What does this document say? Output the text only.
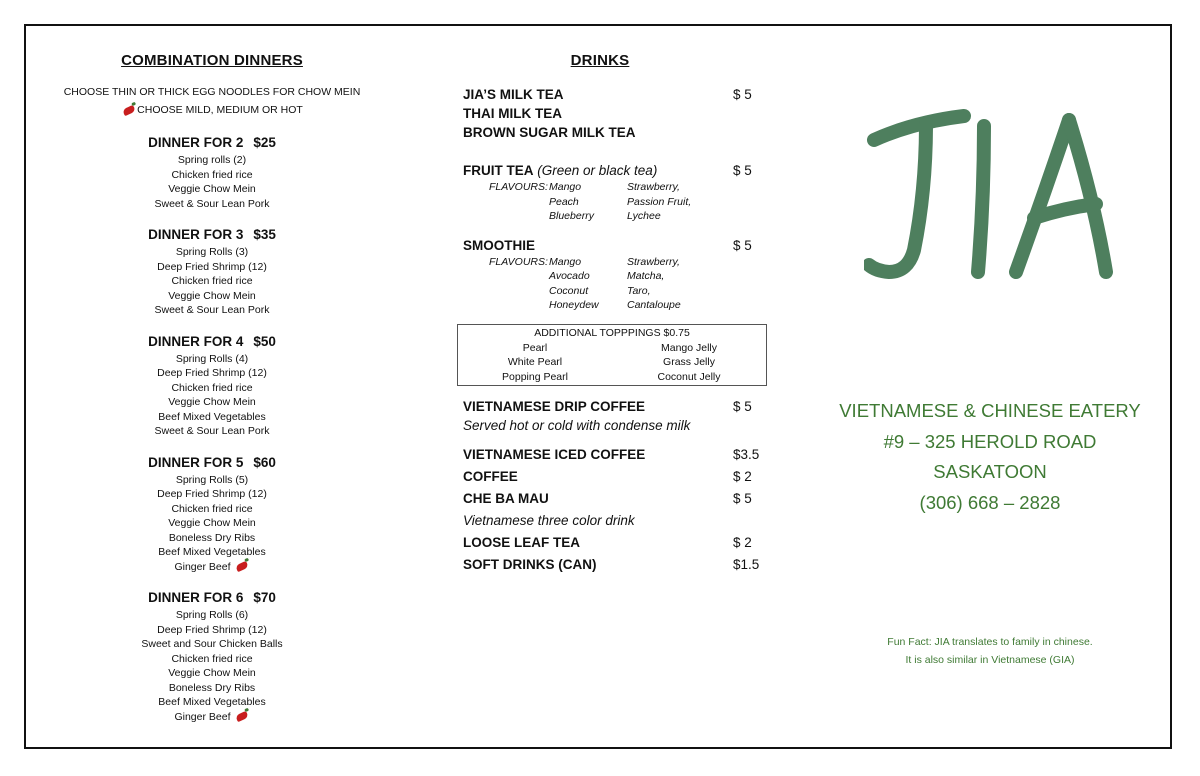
COMBINATION DINNERS
CHOOSE THIN OR THICK EGG NOODLES FOR CHOW MEIN
CHOOSE MILD, MEDIUM OR HOT
DINNER FOR 2 $25
Spring rolls (2)
Chicken fried rice
Veggie Chow Mein
Sweet & Sour Lean Pork
DINNER FOR 3 $35
Spring Rolls (3)
Deep Fried Shrimp (12)
Chicken fried rice
Veggie Chow Mein
Sweet & Sour Lean Pork
DINNER FOR 4 $50
Spring Rolls (4)
Deep Fried Shrimp (12)
Chicken fried rice
Veggie Chow Mein
Beef Mixed Vegetables
Sweet & Sour Lean Pork
DINNER FOR 5 $60
Spring Rolls (5)
Deep Fried Shrimp (12)
Chicken fried rice
Veggie Chow Mein
Boneless Dry Ribs
Beef Mixed Vegetables
Ginger Beef
DINNER FOR 6 $70
Spring Rolls (6)
Deep Fried Shrimp (12)
Sweet and Sour Chicken Balls
Chicken fried rice
Veggie Chow Mein
Boneless Dry Ribs
Beef Mixed Vegetables
Ginger Beef
DRINKS
JIA’S MILK TEA	$ 5
THAI MILK TEA
BROWN SUGAR MILK TEA
FRUIT TEA (Green or black tea)	$ 5
FLAVOURS: Mango	Strawberry,
Peach	Passion Fruit,
Blueberry	Lychee
SMOOTHIE	$ 5
FLAVOURS: Mango	Strawberry,
Avocado	Matcha,
Coconut	Taro,
Honeydew	Cantaloupe
ADDITIONAL TOPPPINGS $0.75
Pearl	Mango Jelly
White Pearl	Grass Jelly
Popping Pearl	Coconut Jelly
VIETNAMESE DRIP COFFEE	$ 5
Served hot or cold with condense milk
VIETNAMESE ICED COFFEE	$3.5
COFFEE	$ 2
CHE BA MAU	$ 5
Vietnamese three color drink
LOOSE LEAF TEA	$ 2
SOFT DRINKS (CAN)	$1.5
VIETNAMESE & CHINESE EATERY
#9 – 325 HEROLD ROAD
SASKATOON
(306) 668 – 2828
Fun Fact: JIA translates to family in chinese.
It is also similar in Vietnamese (GIA)
